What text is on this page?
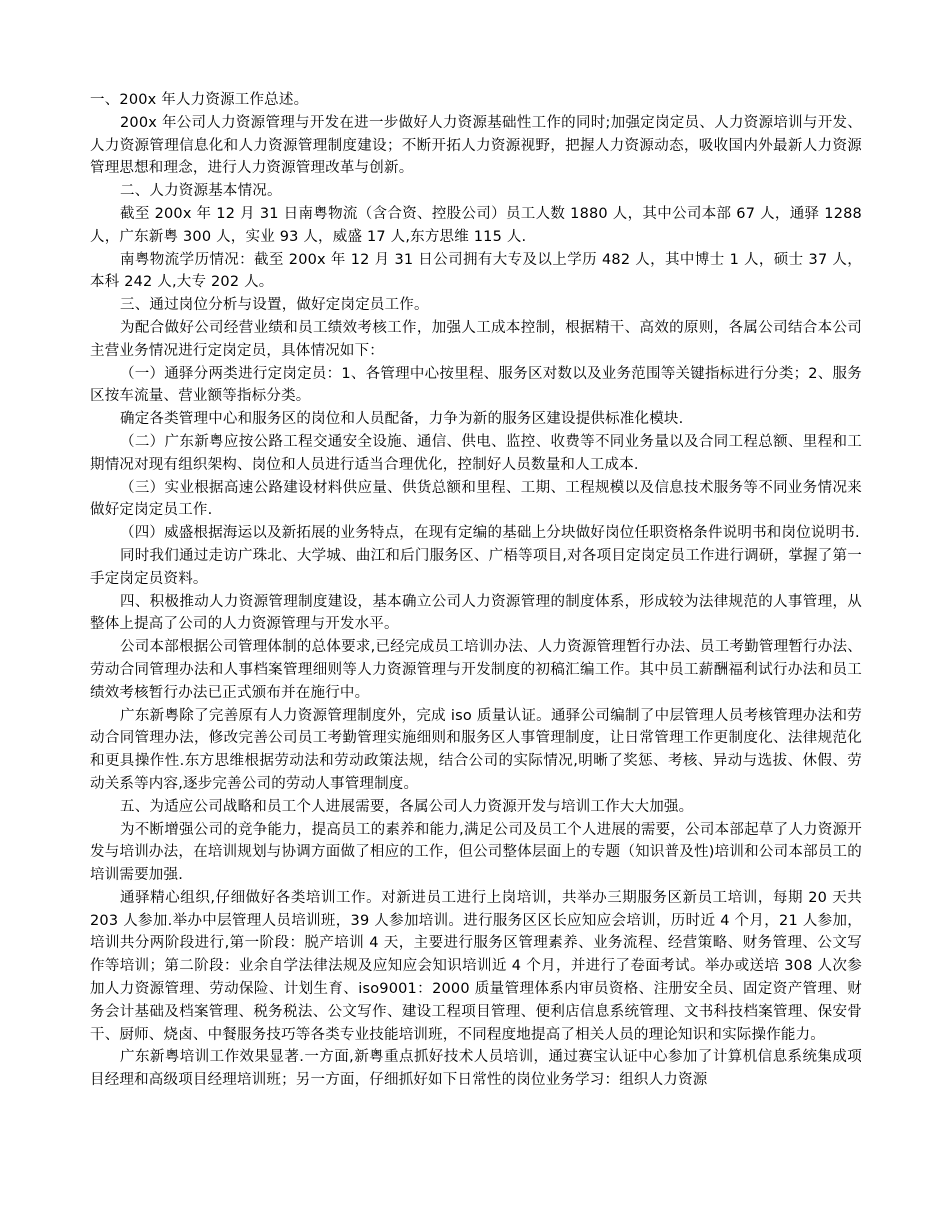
一、200x 年人力资源工作总述。

200x 年公司人力资源管理与开发在进一步做好人力资源基础性工作的同时;加强定岗定员、人力资源培训与开发、人力资源管理信息化和人力资源管理制度建设；不断开拓人力资源视野，把握人力资源动态，吸收国内外最新人力资源管理思想和理念，进行人力资源管理改革与创新。

二、人力资源基本情况。

截至 200x 年 12 月 31 日南粤物流（含合资、控股公司）员工人数 1880 人，其中公司本部 67 人，通驿 1288 人，广东新粤 300 人，实业 93 人，威盛 17 人,东方思维 115 人.

南粤物流学历情况：截至 200x 年 12 月 31 日公司拥有大专及以上学历 482 人，其中博士 1 人，硕士 37 人，本科 242 人,大专 202 人。

三、通过岗位分析与设置，做好定岗定员工作。

为配合做好公司经营业绩和员工绩效考核工作，加强人工成本控制，根据精干、高效的原则，各属公司结合本公司主营业务情况进行定岗定员，具体情况如下：

（一）通驿分两类进行定岗定员：1、各管理中心按里程、服务区对数以及业务范围等关键指标进行分类；2、服务区按车流量、营业额等指标分类。

确定各类管理中心和服务区的岗位和人员配备，力争为新的服务区建设提供标准化模块.

（二）广东新粤应按公路工程交通安全设施、通信、供电、监控、收费等不同业务量以及合同工程总额、里程和工期情况对现有组织架构、岗位和人员进行适当合理优化，控制好人员数量和人工成本.

（三）实业根据高速公路建设材料供应量、供货总额和里程、工期、工程规模以及信息技术服务等不同业务情况来做好定岗定员工作.

（四）威盛根据海运以及新拓展的业务特点，在现有定编的基础上分块做好岗位任职资格条件说明书和岗位说明书.

同时我们通过走访广珠北、大学城、曲江和后门服务区、广梧等项目,对各项目定岗定员工作进行调研，掌握了第一手定岗定员资料。

四、积极推动人力资源管理制度建设，基本确立公司人力资源管理的制度体系，形成较为法律规范的人事管理，从整体上提高了公司的人力资源管理与开发水平。

公司本部根据公司管理体制的总体要求,已经完成员工培训办法、人力资源管理暂行办法、员工考勤管理暂行办法、劳动合同管理办法和人事档案管理细则等人力资源管理与开发制度的初稿汇编工作。其中员工薪酬福利试行办法和员工绩效考核暂行办法已正式颁布并在施行中。

广东新粤除了完善原有人力资源管理制度外，完成 iso 质量认证。通驿公司编制了中层管理人员考核管理办法和劳动合同管理办法，修改完善公司员工考勤管理实施细则和服务区人事管理制度，让日常管理工作更制度化、法律规范化和更具操作性.东方思维根据劳动法和劳动政策法规，结合公司的实际情况,明晰了奖惩、考核、异动与选拔、休假、劳动关系等内容,逐步完善公司的劳动人事管理制度。

五、为适应公司战略和员工个人进展需要，各属公司人力资源开发与培训工作大大加强。

为不断增强公司的竞争能力，提高员工的素养和能力,满足公司及员工个人进展的需要，公司本部起草了人力资源开发与培训办法，在培训规划与协调方面做了相应的工作，但公司整体层面上的专题（知识普及性)培训和公司本部员工的培训需要加强.

通驿精心组织,仔细做好各类培训工作。对新进员工进行上岗培训，共举办三期服务区新员工培训，每期 20 天共 203 人参加.举办中层管理人员培训班，39 人参加培训。进行服务区区长应知应会培训，历时近 4 个月，21 人参加，培训共分两阶段进行,第一阶段：脱产培训 4 天，主要进行服务区管理素养、业务流程、经营策略、财务管理、公文写作等培训；第二阶段：业余自学法律法规及应知应会知识培训近 4 个月，并进行了卷面考试。举办或送培 308 人次参加人力资源管理、劳动保险、计划生育、iso9001：2000 质量管理体系内审员资格、注册安全员、固定资产管理、财务会计基础及档案管理、税务税法、公文写作、建设工程项目管理、便利店信息系统管理、文书科技档案管理、保安骨干、厨师、烧卤、中餐服务技巧等各类专业技能培训班，不同程度地提高了相关人员的理论知识和实际操作能力。

广东新粤培训工作效果显著.一方面,新粤重点抓好技术人员培训，通过赛宝认证中心参加了计算机信息系统集成项目经理和高级项目经理培训班；另一方面，仔细抓好如下日常性的岗位业务学习：组织人力资源
